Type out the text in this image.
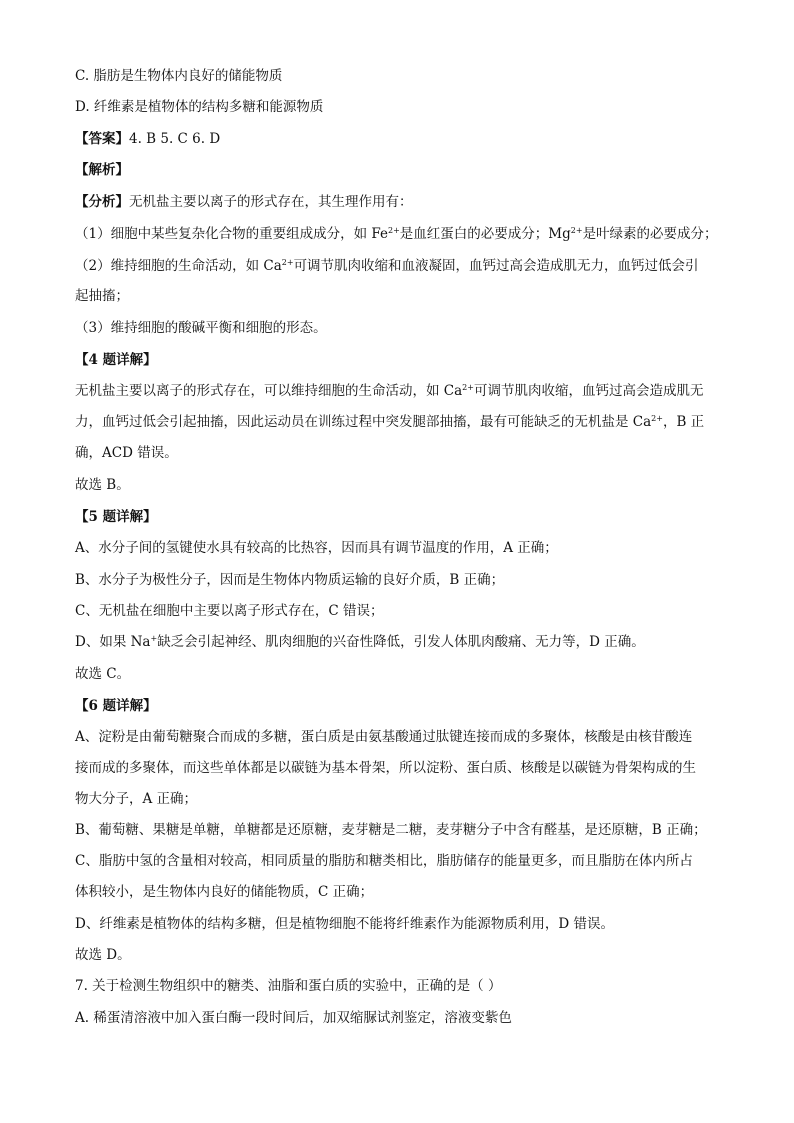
C. 脂肪是生物体内良好的储能物质
D. 纤维素是植物体的结构多糖和能源物质
【答案】4. B 5. C 6. D
【解析】
【分析】无机盐主要以离子的形式存在，其生理作用有：
（1）细胞中某些复杂化合物的重要组成成分，如 $Fe^{2+}$是血红蛋白的必要成分；$Mg^{2+}$是叶绿素的必要成分；
（2）维持细胞的生命活动，如 $Ca^{2+}$可调节肌肉收缩和血液凝固，血钙过高会造成肌无力，血钙过低会引
起抽搐；
（3）维持细胞的酸碱平衡和细胞的形态。
【4 题详解】
无机盐主要以离子的形式存在，可以维持细胞的生命活动，如 $Ca^{2+}$可调节肌肉收缩，血钙过高会造成肌无
力，血钙过低会引起抽搐，因此运动员在训练过程中突发腿部抽搐，最有可能缺乏的无机盐是 $Ca^{2+}$，B 正
确，ACD 错误。
故选 B。
【5 题详解】
A、水分子间的氢键使水具有较高的比热容，因而具有调节温度的作用，A 正确；
B、水分子为极性分子，因而是生物体内物质运输的良好介质，B 正确；
C、无机盐在细胞中主要以离子形式存在，C 错误；
D、如果 Na+缺乏会引起神经、肌肉细胞的兴奋性降低，引发人体肌肉酸痛、无力等，D 正确。
故选 C。
【6 题详解】
A、淀粉是由葡萄糖聚合而成的多糖，蛋白质是由氨基酸通过肽键连接而成的多聚体，核酸是由核苷酸连
接而成的多聚体，而这些单体都是以碳链为基本骨架，所以淀粉、蛋白质、核酸是以碳链为骨架构成的生
物大分子，A 正确；
B、葡萄糖、果糖是单糖，单糖都是还原糖，麦芽糖是二糖，麦芽糖分子中含有醛基，是还原糖，B 正确；
C、脂肪中氢的含量相对较高，相同质量的脂肪和糖类相比，脂肪储存的能量更多，而且脂肪在体内所占
体积较小，是生物体内良好的储能物质，C 正确；
D、纤维素是植物体的结构多糖，但是植物细胞不能将纤维素作为能源物质利用，D 错误。
故选 D。
7. 关于检测生物组织中的糖类、油脂和蛋白质的实验中，正确的是（ ）
A. 稀蛋清溶液中加入蛋白酶一段时间后，加双缩脲试剂鉴定，溶液变紫色
